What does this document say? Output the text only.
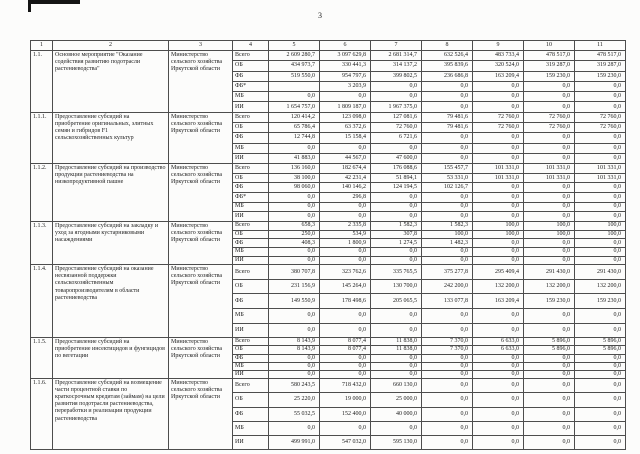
3
1	2	3	4	5	6	7	8	9	10	11
1.1.	Основное мероприятие "Оказание содействия развитию подотрасли растениеводства"	Министерство сельского хозяйства Иркутской области	Всего	2 609 280,7	3 097 629,8	2 681 314,7	632 526,4	483 733,4	478 517,0	478 517,0
			ОБ	434 973,7	330 441,3	314 137,2	395 839,6	320 524,0	319 287,0	319 287,0
			ФБ	519 550,0	954 797,6	399 802,5	236 686,8	163 209,4	159 230,0	159 230,0
			ФБ*		3 203,9	0,0	0,0	0,0	0,0	0,0
			МБ	0,0	0,0	0,0	0,0	0,0	0,0	0,0
			ИИ	1 654 757,0	1 809 187,0	1 967 375,0	0,0	0,0	0,0	0,0
1.1.1.	Предоставление субсидий на приобретение оригинальных, элитных семян и гибридов F1 сельскохозяйственных культур	Министерство сельского хозяйства Иркутской области	Всего	120 414,2	123 098,0	127 081,6	79 481,6	72 760,0	72 760,0	72 760,0
			ОБ	65 786,4	63 372,6	72 760,0	79 481,6	72 760,0	72 760,0	72 760,0
			ФБ	12 744,8	15 158,4	6 721,6	0,0	0,0	0,0	0,0
			МБ	0,0	0,0	0,0	0,0	0,0	0,0	0,0
			ИИ	41 883,0	44 567,0	47 600,0	0,0	0,0	0,0	0,0
1.1.2.	Предоставление субсидий на производство продукции растениеводства на низкопродуктивной пашне	Министерство сельского хозяйства Иркутской области	Всего	136 160,0	182 674,4	176 088,6	155 457,7	101 331,0	101 331,0	101 331,0
			ОБ	38 100,0	42 231,4	51 894,1	53 331,0	101 331,0	101 331,0	101 331,0
			ФБ	98 060,0	140 146,2	124 194,5	102 126,7	0,0	0,0	0,0
			ФБ*	0,0	296,8	0,0	0,0	0,0	0,0	0,0
			МБ	0,0	0,0	0,0	0,0	0,0	0,0	0,0
			ИИ	0,0	0,0	0,0	0,0	0,0	0,0	0,0
1.1.3.	Предоставление субсидий на закладку и уход за ягодными кустарниковыми насаждениями	Министерство сельского хозяйства Иркутской области	Всего	658,3	2 335,8	1 582,3	1 582,3	100,0	100,0	100,0
			ОБ	250,0	534,9	307,8	100,0	100,0	100,0	100,0
			ФБ	408,3	1 800,9	1 274,5	1 482,3	0,0	0,0	0,0
			МБ	0,0	0,0	0,0	0,0	0,0	0,0	0,0
			ИИ	0,0	0,0	0,0	0,0	0,0	0,0	0,0
1.1.4.	Предоставление субсидий на оказание несвязанной поддержки сельскохозяйственным товаропроизводителям в области растениеводства	Министерство сельского хозяйства Иркутской области	Всего	380 707,8	323 762,6	335 765,5	375 277,8	295 409,4	291 430,0	291 430,0
			ОБ	231 156,9	145 264,0	130 700,0	242 200,0	132 200,0	132 200,0	132 200,0
			ФБ	149 550,9	178 498,6	205 065,5	133 077,8	163 209,4	159 230,0	159 230,0
			МБ	0,0	0,0	0,0	0,0	0,0	0,0	0,0
			ИИ	0,0	0,0	0,0	0,0	0,0	0,0	0,0
1.1.5.	Предоставление субсидий на приобретение инсектицидов и фунгицидов по вегетации	Министерство сельского хозяйства Иркутской области	Всего	8 143,9	8 077,4	11 838,0	7 370,0	6 633,0	5 896,0	5 896,0
			ОБ	8 143,9	8 077,4	11 838,0	7 370,0	6 633,0	5 896,0	5 896,0
			ФБ	0,0	0,0	0,0	0,0	0,0	0,0	0,0
			МБ	0,0	0,0	0,0	0,0	0,0	0,0	0,0
			ИИ	0,0	0,0	0,0	0,0	0,0	0,0	0,0
1.1.6.	Предоставление субсидий на возмещение части процентной ставки по краткосрочным кредитам (займам) на цели развития подотрасли растениеводства, переработки и реализации продукции растениеводства	Министерство сельского хозяйства Иркутской области	Всего	580 243,5	718 432,0	660 130,0	0,0	0,0	0,0	0,0
			ОБ	25 220,0	19 000,0	25 000,0	0,0	0,0	0,0	0,0
			ФБ	55 032,5	152 400,0	40 000,0	0,0	0,0	0,0	0,0
			МБ	0,0	0,0	0,0	0,0	0,0	0,0	0,0
			ИИ	499 991,0	547 032,0	595 130,0	0,0	0,0	0,0	0,0
